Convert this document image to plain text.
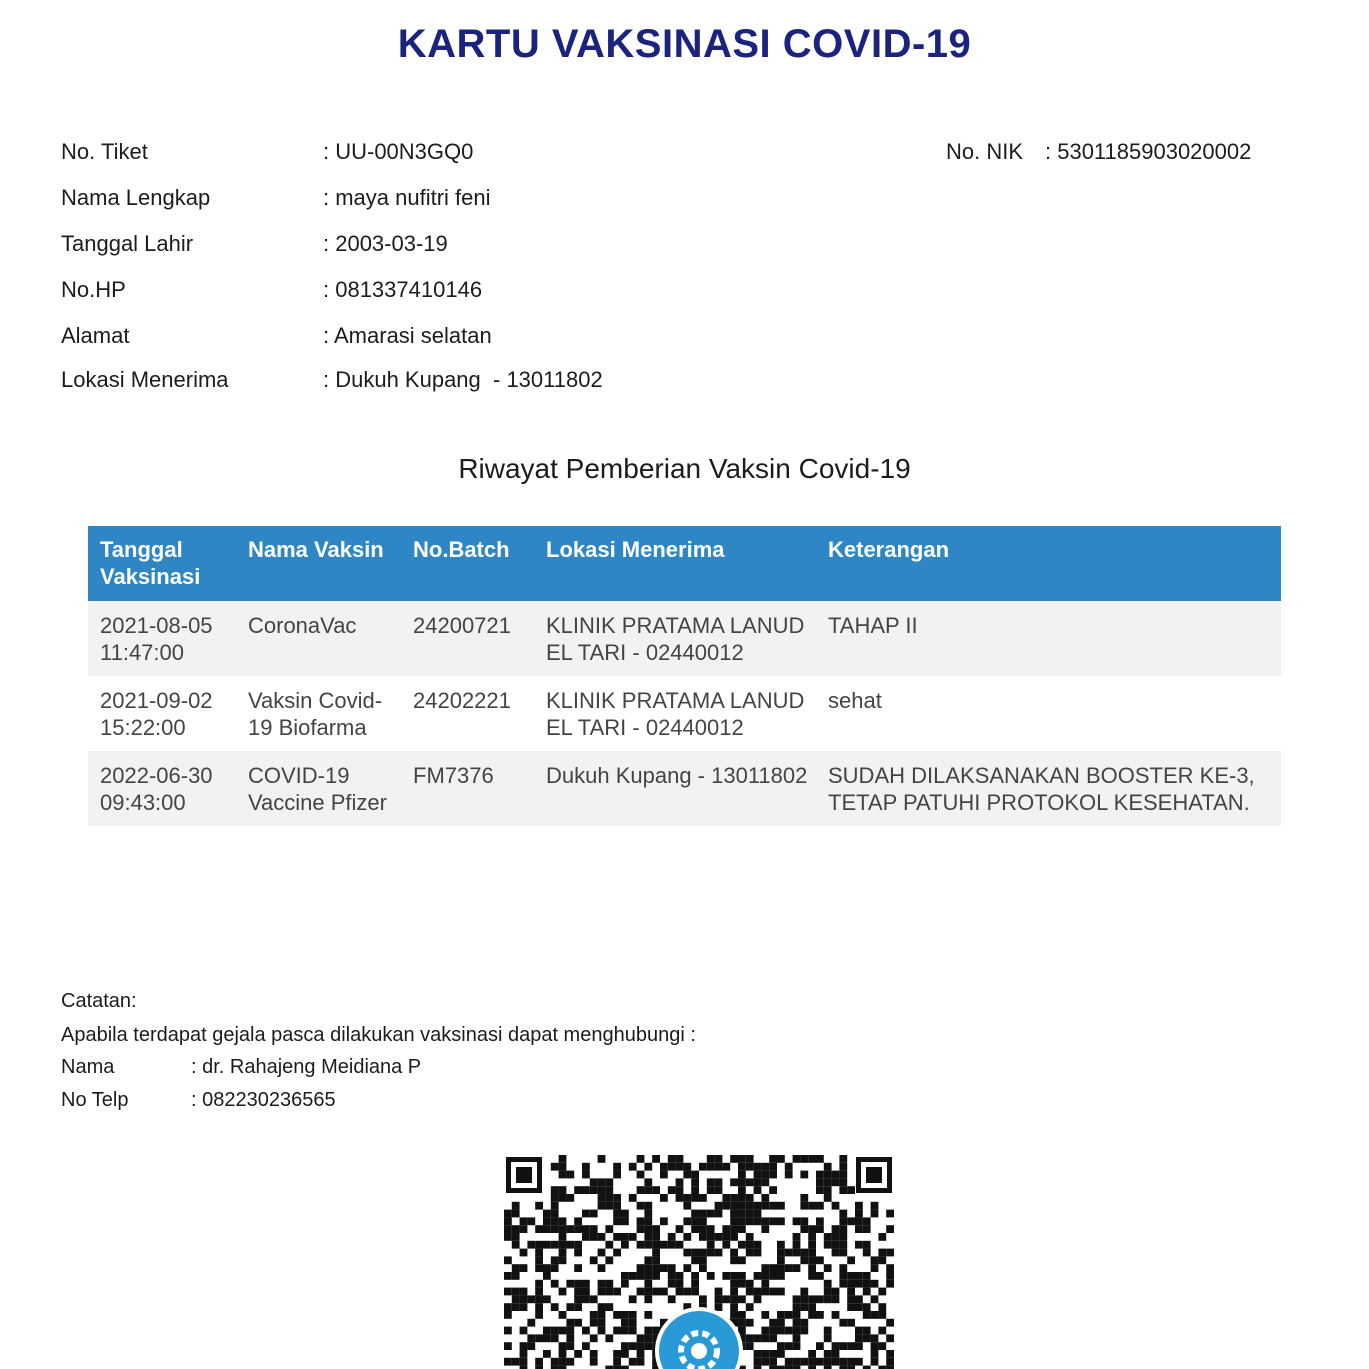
KARTU VAKSINASI COVID-19
No. Tiket	: UU-00N3GQ0
Nama Lengkap	: maya nufitri feni
Tanggal Lahir	: 2003-03-19
No.HP	: 081337410146
Alamat	: Amarasi selatan
Lokasi Menerima	: Dukuh Kupang  - 13011802
No. NIK : 5301185903020002
Riwayat Pemberian Vaksin Covid-19
Tanggal Vaksinasi	Nama Vaksin	No.Batch	Lokasi Menerima	Keterangan

2021-08-05 11:47:00	CoronaVac	24200721	KLINIK PRATAMA LANUD EL TARI - 02440012	TAHAP II

2021-09-02 15:22:00	Vaksin Covid-19 Biofarma	24202221	KLINIK PRATAMA LANUD EL TARI - 02440012	sehat

2022-06-30 09:43:00	COVID-19 Vaccine Pfizer	FM7376	Dukuh Kupang - 13011802	SUDAH DILAKSANAKAN BOOSTER KE-3, TETAP PATUHI PROTOKOL KESEHATAN.
Catatan:
Apabila terdapat gejala pasca dilakukan vaksinasi dapat menghubungi :
Nama	: dr. Rahajeng Meidiana P
No Telp	: 082230236565
